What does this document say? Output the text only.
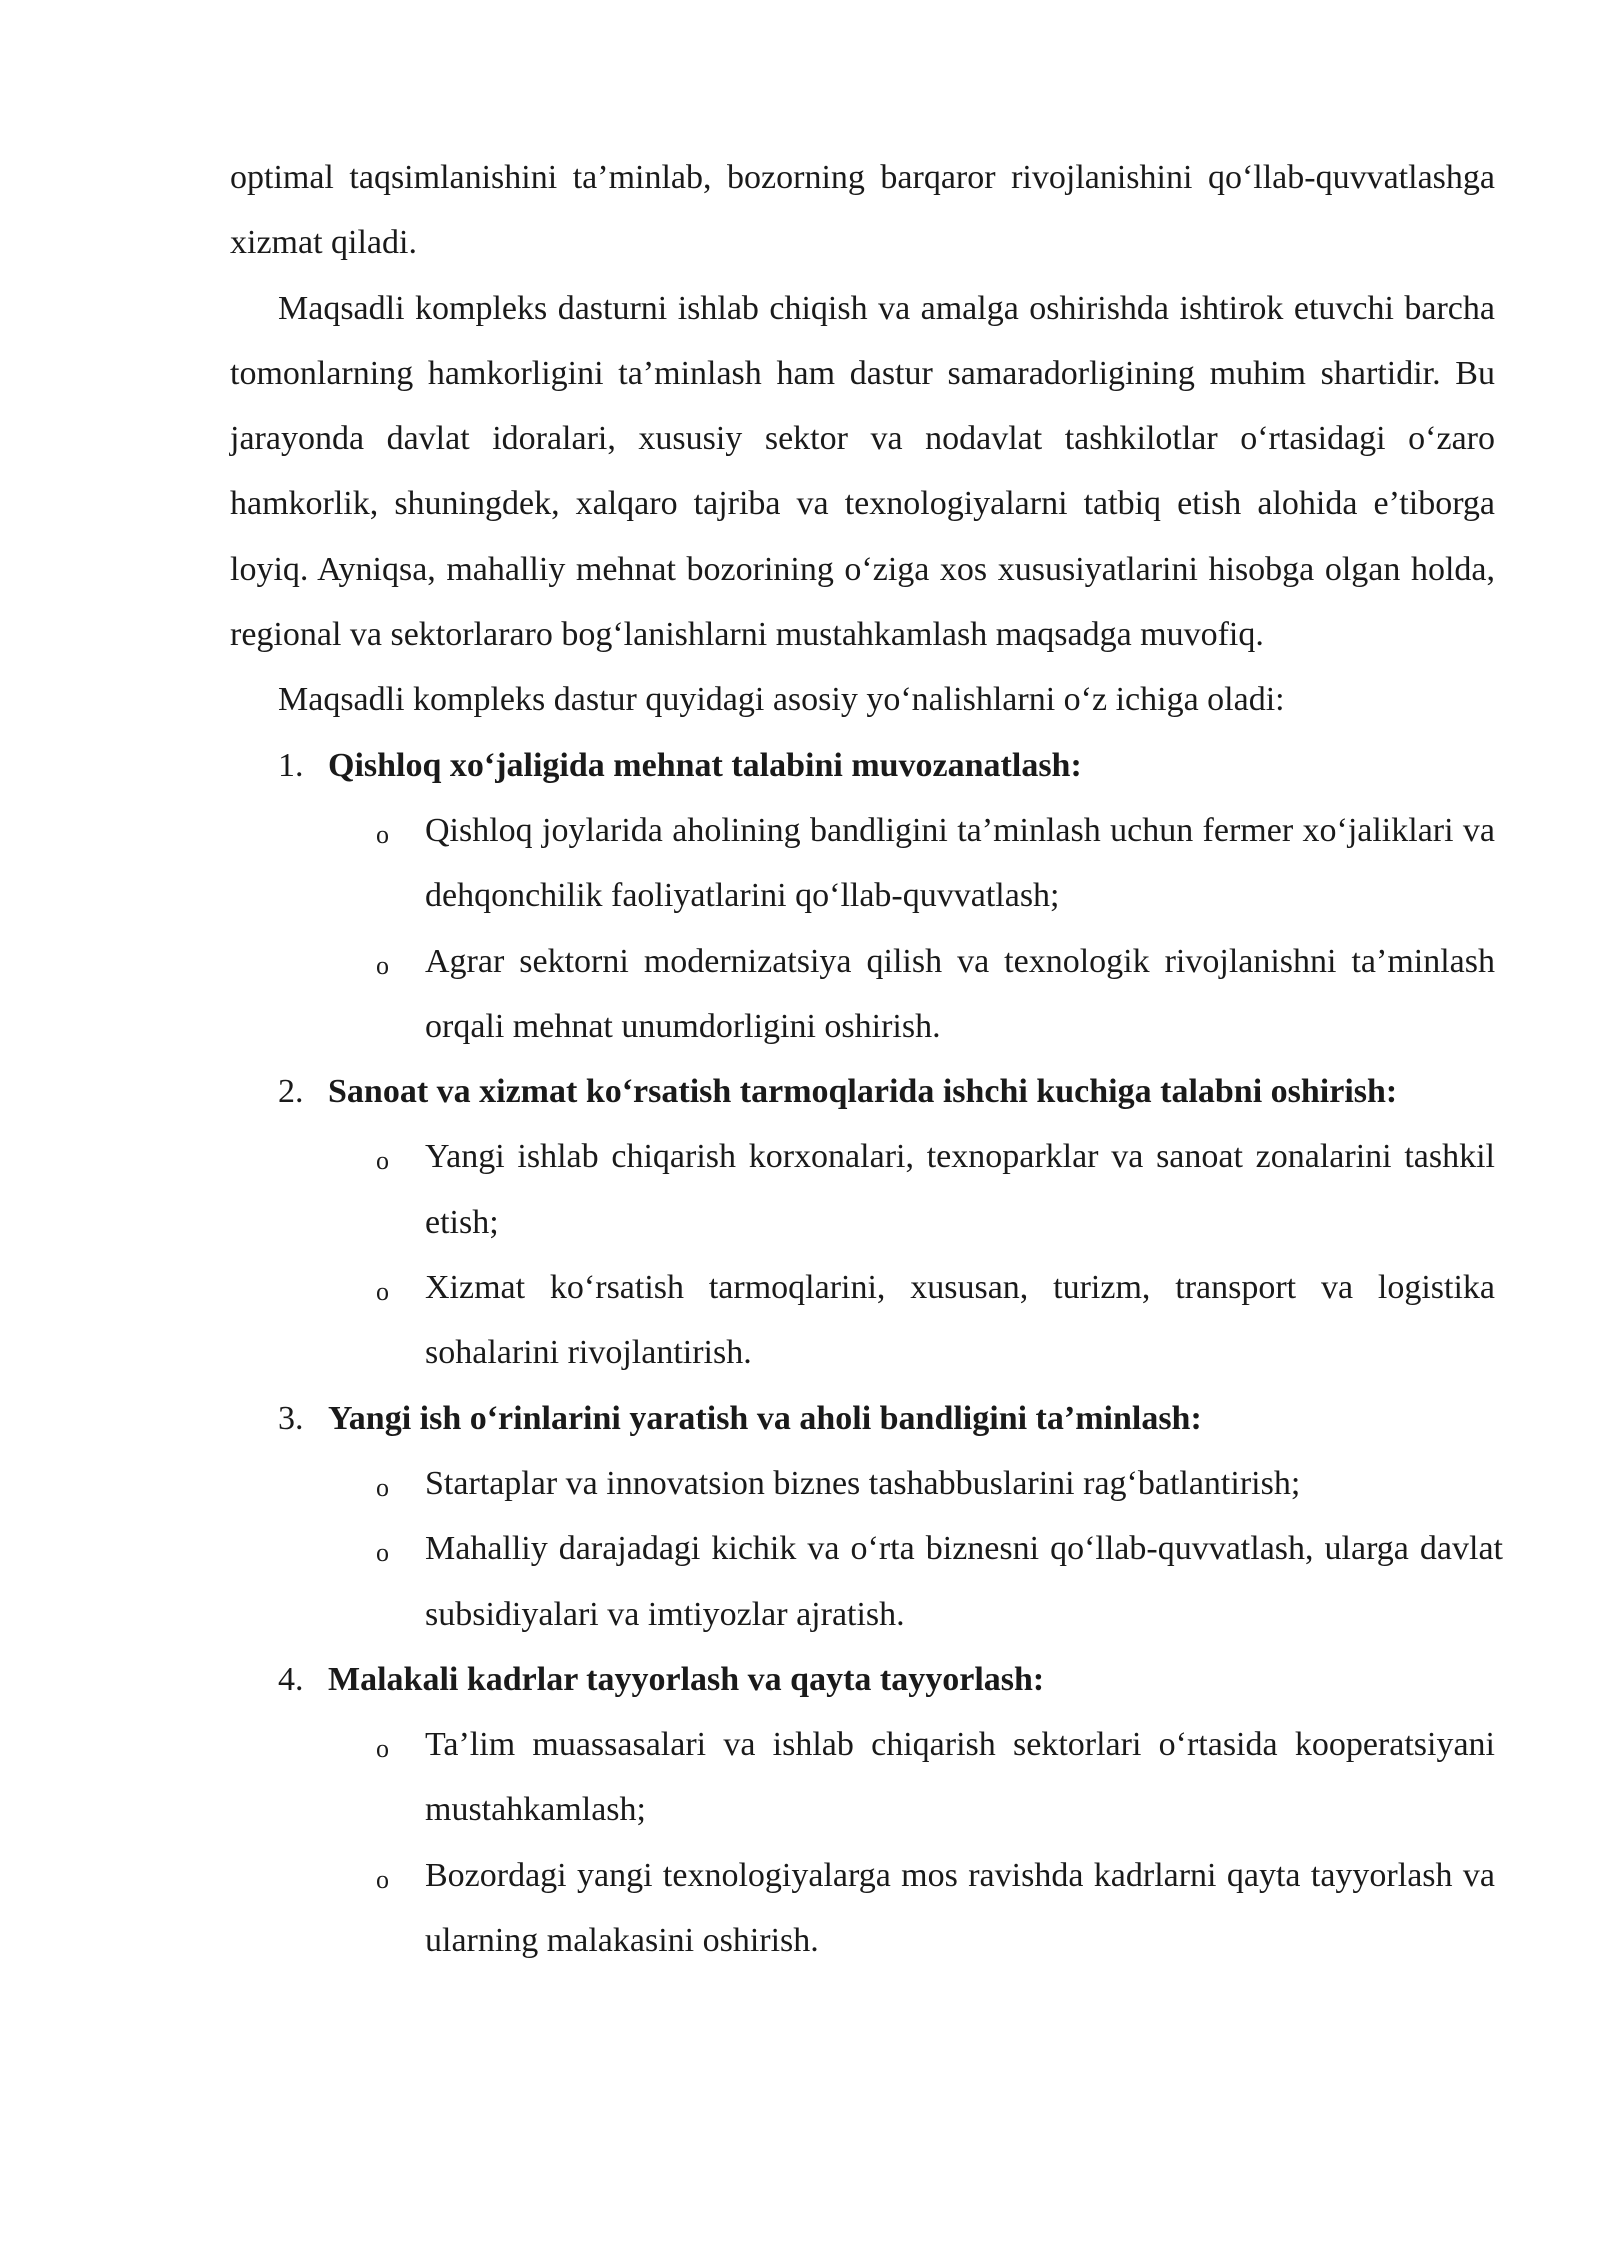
optimal taqsimlanishini ta’minlab, bozorning barqaror rivojlanishini qo‘llab-quvvatlashga xizmat qiladi.

Maqsadli kompleks dasturni ishlab chiqish va amalga oshirishda ishtirok etuvchi barcha tomonlarning hamkorligini ta’minlash ham dastur samaradorligining muhim shartidir. Bu jarayonda davlat idoralari, xususiy sektor va nodavlat tashkilotlar o‘rtasidagi o‘zaro hamkorlik, shuningdek, xalqaro tajriba va texnologiyalarni tatbiq etish alohida e’tiborga loyiq. Ayniqsa, mahalliy mehnat bozorining o‘ziga xos xususiyatlarini hisobga olgan holda, regional va sektorlararo bog‘lanishlarni mustahkamlash maqsadga muvofiq.

Maqsadli kompleks dastur quyidagi asosiy yo‘nalishlarni o‘z ichiga oladi:

1. Qishloq xo‘jaligida mehnat talabini muvozanatlash:
o Qishloq joylarida aholining bandligini ta’minlash uchun fermer xo‘jaliklari va dehqonchilik faoliyatlarini qo‘llab-quvvatlash;
o Agrar sektorni modernizatsiya qilish va texnologik rivojlanishni ta’minlash orqali mehnat unumdorligini oshirish.
2. Sanoat va xizmat ko‘rsatish tarmoqlarida ishchi kuchiga talabni oshirish:
o Yangi ishlab chiqarish korxonalari, texnoparklar va sanoat zonalarini tashkil etish;
o Xizmat ko‘rsatish tarmoqlarini, xususan, turizm, transport va logistika sohalarini rivojlantirish.
3. Yangi ish o‘rinlarini yaratish va aholi bandligini ta’minlash:
o Startaplar va innovatsion biznes tashabbuslarini rag‘batlantirish;
o Mahalliy darajadagi kichik va o‘rta biznesni qo‘llab-quvvatlash, ularga davlat subsidiyalari va imtiyozlar ajratish.
4. Malakali kadrlar tayyorlash va qayta tayyorlash:
o Ta’lim muassasalari va ishlab chiqarish sektorlari o‘rtasida kooperatsiyani mustahkamlash;
o Bozordagi yangi texnologiyalarga mos ravishda kadrlarni qayta tayyorlash va ularning malakasini oshirish.
